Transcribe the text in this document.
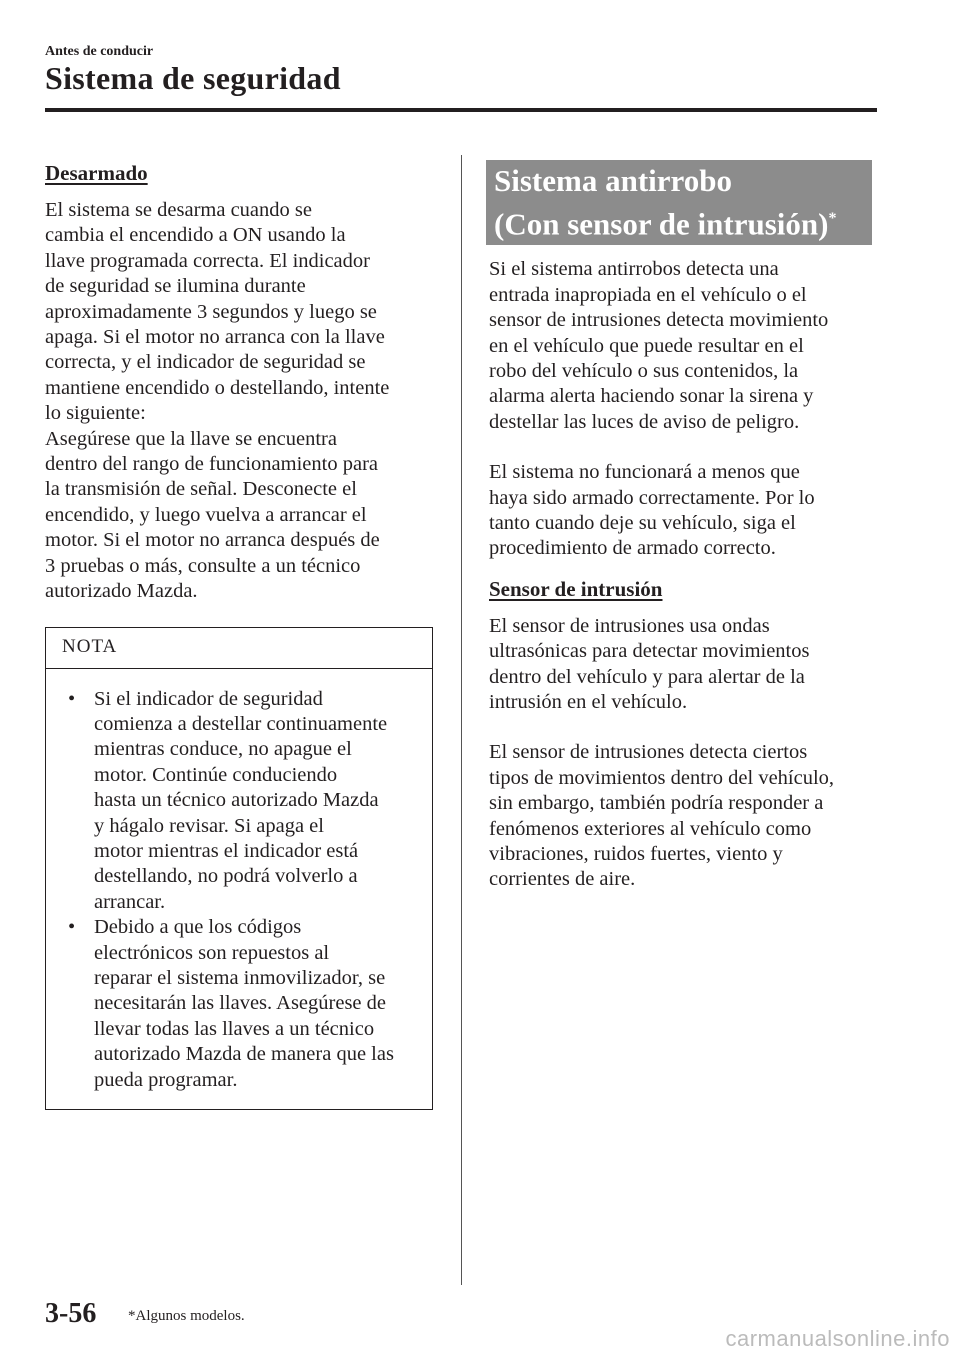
Antes de conducir
Sistema de seguridad

Desarmado

El sistema se desarma cuando se
cambia el encendido a ON usando la
llave programada correcta. El indicador
de seguridad se ilumina durante
aproximadamente 3 segundos y luego se
apaga. Si el motor no arranca con la llave
correcta, y el indicador de seguridad se
mantiene encendido o destellando, intente
lo siguiente:
Asegúrese que la llave se encuentra
dentro del rango de funcionamiento para
la transmisión de señal. Desconecte el
encendido, y luego vuelva a arrancar el
motor. Si el motor no arranca después de
3 pruebas o más, consulte a un técnico
autorizado Mazda.

NOTA
• Si el indicador de seguridad
comienza a destellar continuamente
mientras conduce, no apague el
motor. Continúe conduciendo
hasta un técnico autorizado Mazda
y hágalo revisar. Si apaga el
motor mientras el indicador está
destellando, no podrá volverlo a
arrancar.
• Debido a que los códigos
electrónicos son repuestos al
reparar el sistema inmovilizador, se
necesitarán las llaves. Asegúrese de
llevar todas las llaves a un técnico
autorizado Mazda de manera que las
pueda programar.
Sistema antirrobo
(Con sensor de intrusión)*

Si el sistema antirrobos detecta una
entrada inapropiada en el vehículo o el
sensor de intrusiones detecta movimiento
en el vehículo que puede resultar en el
robo del vehículo o sus contenidos, la
alarma alerta haciendo sonar la sirena y
destellar las luces de aviso de peligro.

El sistema no funcionará a menos que
haya sido armado correctamente. Por lo
tanto cuando deje su vehículo, siga el
procedimiento de armado correcto.

Sensor de intrusión

El sensor de intrusiones usa ondas
ultrasónicas para detectar movimientos
dentro del vehículo y para alertar de la
intrusión en el vehículo.

El sensor de intrusiones detecta ciertos
tipos de movimientos dentro del vehículo,
sin embargo, también podría responder a
fenómenos exteriores al vehículo como
vibraciones, ruidos fuertes, viento y
corrientes de aire.

3-56 *Algunos modelos.
carmanualsonline.info
